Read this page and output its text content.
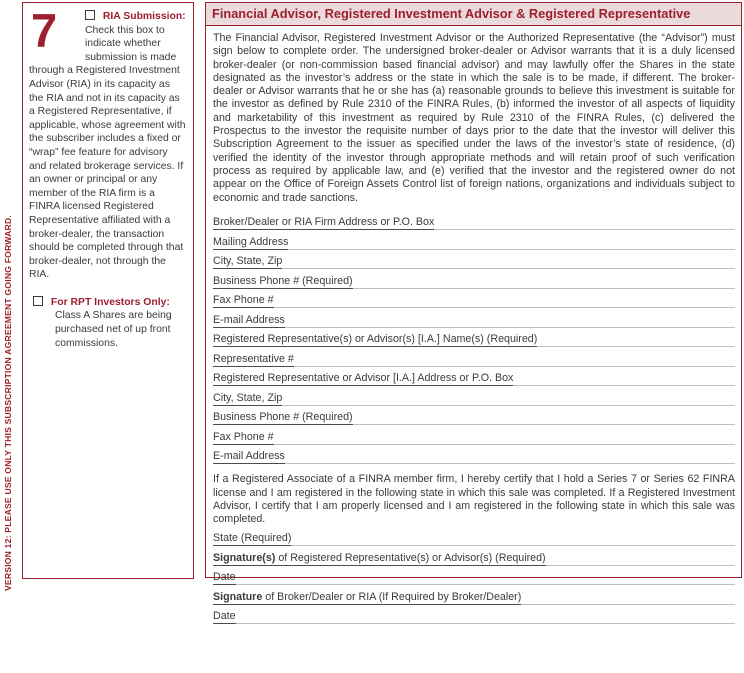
VERSION 12: PLEASE USE ONLY THIS SUBSCRIPTION AGREEMENT GOING FORWARD.
7	RIA Submission: Check this box to indicate whether submission is made through a Registered Investment Advisor (RIA) in its capacity as the RIA and not in its capacity as a Registered Representative, if applicable, whose agreement with the subscriber includes a fixed or “wrap” fee feature for advisory and related brokerage services. If an owner or principal or any member of the RIA firm is a FINRA licensed Registered Representative affiliated with a broker-dealer, the transaction should be completed through that broker-dealer, not through the RIA.
For RPT Investors Only: Class A Shares are being purchased net of up front commissions.
Financial Advisor, Registered Investment Advisor & Registered Representative

The Financial Advisor, Registered Investment Advisor or the Authorized Representative (the “Advisor”) must sign below to complete order. The undersigned broker-dealer or Advisor warrants that it is a duly licensed broker-dealer (or non-commission based financial advisor) and may lawfully offer the Shares in the state designated as the investor’s address or the state in which the sale is to be made, if different. The broker-dealer or Advisor warrants that he or she has (a) reasonable grounds to believe this investment is suitable for the investor as defined by Rule 2310 of the FINRA Rules, (b) informed the investor of all aspects of liquidity and marketability of this investment as required by Rule 2310 of the FINRA Rules, (c) delivered the Prospectus to the investor the requisite number of days prior to the date that the investor will deliver this Subscription Agreement to the issuer as specified under the laws of the investor’s state of residence, (d) verified the identity of the investor through appropriate methods and will retain proof of such verification process as required by applicable law, and (e) verified that the investor and the registered owner do not appear on the Office of Foreign Assets Control list of foreign nations, organizations and individuals subject to economic and trade sanctions.

Broker/Dealer or RIA Firm Address or P.O. Box
Mailing Address
City, State, Zip
Business Phone # (Required)
Fax Phone #
E-mail Address
Registered Representative(s) or Advisor(s) [I.A.] Name(s) (Required)
Representative #
Registered Representative or Advisor [I.A.] Address or P.O. Box
City, State, Zip
Business Phone # (Required)
Fax Phone #
E-mail Address

If a Registered Associate of a FINRA member firm, I hereby certify that I hold a Series 7 or Series 62 FINRA license and I am registered in the following state in which this sale was completed. If a Registered Investment Advisor, I certify that I am properly licensed and I am registered in the following state in which this sale was completed.

State (Required)
Signature(s) of Registered Representative(s) or Advisor(s) (Required)
Date
Signature of Broker/Dealer or RIA (If Required by Broker/Dealer)
Date
